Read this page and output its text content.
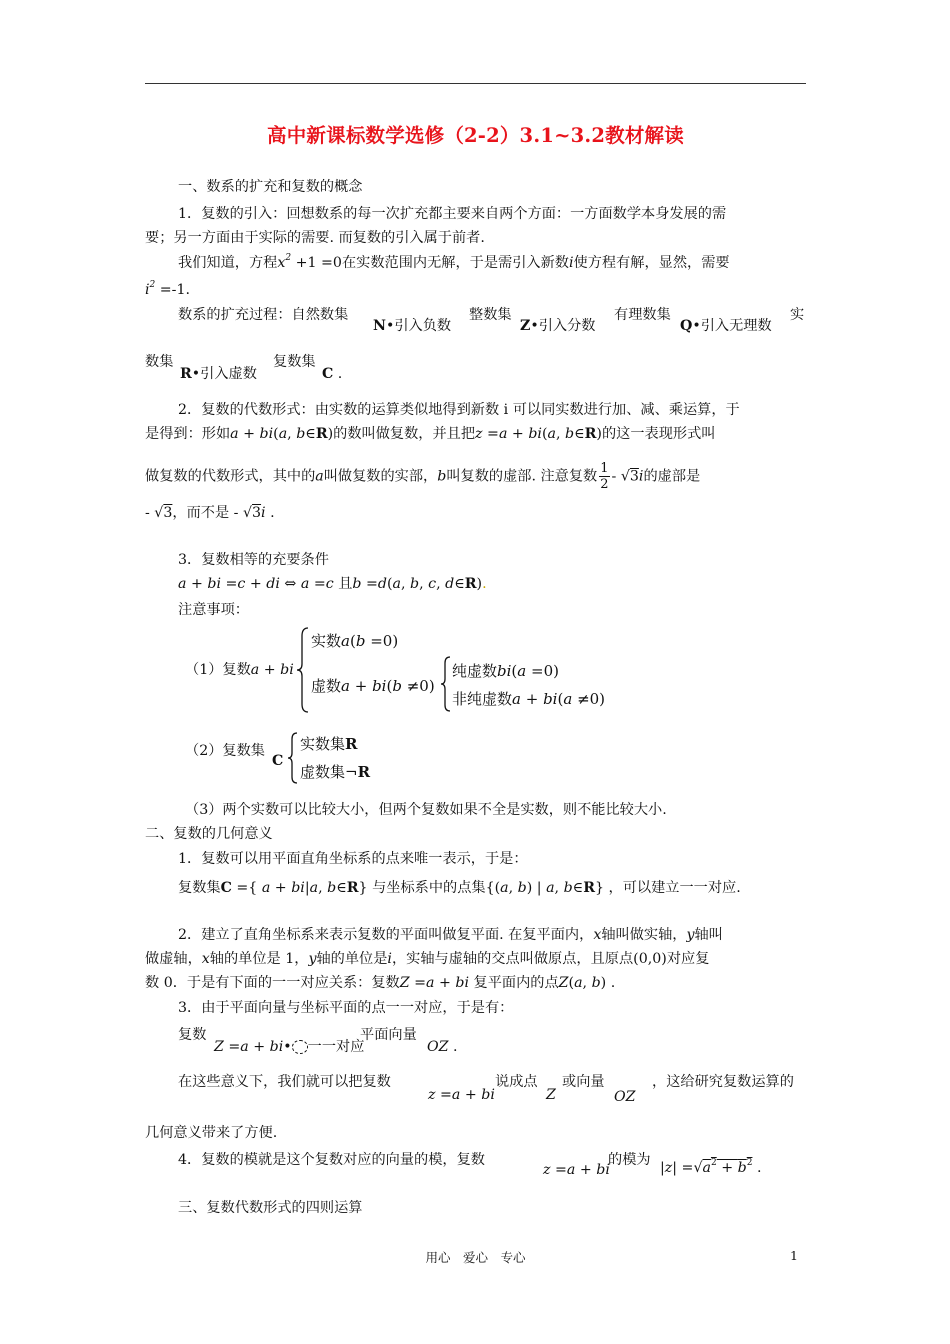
高中新课标数学选修（2-2）3.1~3.2教材解读
一、数系的扩充和复数的概念
1．复数的引入：回想数系的每一次扩充都主要来自两个方面：一方面数学本身发展的需
要；另一方面由于实际的需要. 而复数的引入属于前者.
我们知道，方程$x^2 +1 =0$在实数范围内无解，于是需引入新数i使方程有解，显然，需要
$i^2 =-1$.
数系的扩充过程：自然数集
N•引入负数
整数集
Z•引入分数
有理数集
Q•引入无理数
实
数集
R•引入虚数
复数集
C .
2．复数的代数形式：由实数的运算类似地得到新数 i 可以同实数进行加、减、乘运算，于
是得到：形如a + bi(a, b∈R)的数叫做复数，并且把z =a + bi(a, b∈R)的这一表现形式叫
做复数的代数形式，其中的a叫做复数的实部，b叫复数的虚部. 注意复数 $\frac{1}{2} - √3i$的虚部是
- √3，而不是 - √3i .
3．复数相等的充要条件
a + bi =c + di ⇔ a =c 且b =d(a, b, c, d∈R).
注意事项：
（1）复数a + bi
实数a(b =0)
虚数a + bi(b ≠0)
纯虚数bi(a =0)
非纯虚数a + bi(a ≠0)
（2）复数集
C
实数集R
虚数集¬R
（3）两个实数可以比较大小，但两个复数如果不全是实数，则不能比较大小.
二、复数的几何意义
1．复数可以用平面直角坐标系的点来唯一表示，于是：
复数集C ={ a + bi|a, b∈R} 与坐标系中的点集{(a, b) | a, b∈R} ，可以建立一一对应.
2．建立了直角坐标系来表示复数的平面叫做复平面. 在复平面内，x轴叫做实轴，y轴叫
做虚轴，x轴的单位是 1，y轴的单位是i，实轴与虚轴的交点叫做原点，且原点(0,0)对应复
数 0．于是有下面的一一对应关系：复数Z =a + bi 复平面内的点Z(a, b) .
3．由于平面向量与坐标平面的点一一对应，于是有：
复数
Z =a + bi• 一一对应
平面向量
OZ .
在这些意义下，我们就可以把复数
z =a + bi
说成点
Z
或向量
OZ
，这给研究复数运算的
几何意义带来了方便.
4．复数的模就是这个复数对应的向量的模，复数
z =a + bi
的模为 $|z| =√a^2 + b^2$ .
三、复数代数形式的四则运算
用心　爱心　专心	1
